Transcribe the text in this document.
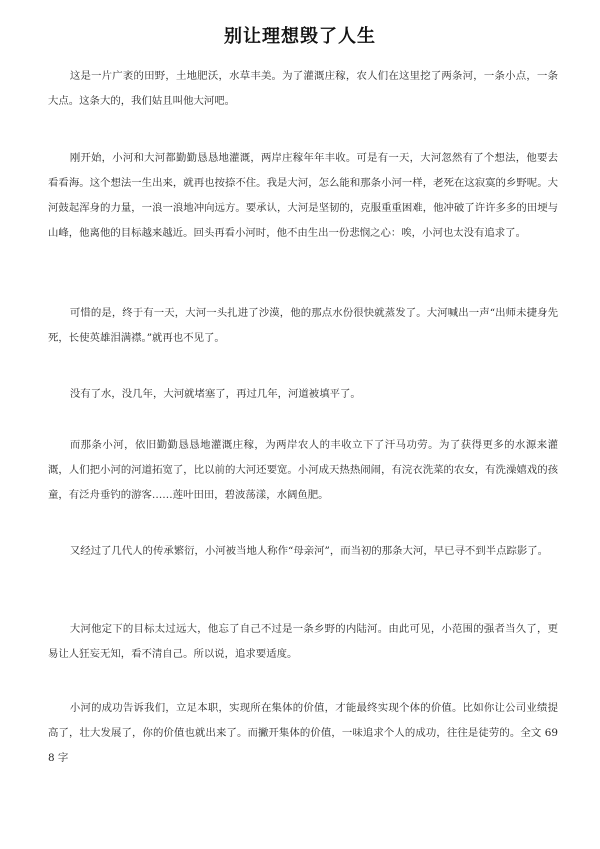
别让理想毁了人生

这是一片广袤的田野，土地肥沃，水草丰美。为了灌溉庄稼，农人们在这里挖了两条河，一条小点，一条大点。这条大的，我们姑且叫他大河吧。

刚开始，小河和大河都勤勤恳恳地灌溉，两岸庄稼年年丰收。可是有一天，大河忽然有了个想法，他要去看看海。这个想法一生出来，就再也按捺不住。我是大河，怎么能和那条小河一样，老死在这寂寞的乡野呢。大河鼓起浑身的力量，一浪一浪地冲向远方。要承认，大河是坚韧的，克服重重困难，他冲破了许许多多的田埂与山峰，他离他的目标越来越近。回头再看小河时，他不由生出一份悲悯之心：唉，小河也太没有追求了。

可惜的是，终于有一天，大河一头扎进了沙漠，他的那点水份很快就蒸发了。大河喊出一声“出师未捷身先死，长使英雄泪满襟。”就再也不见了。

没有了水，没几年，大河就堵塞了，再过几年，河道被填平了。

而那条小河，依旧勤勤恳恳地灌溉庄稼，为两岸农人的丰收立下了汗马功劳。为了获得更多的水源来灌溉，人们把小河的河道拓宽了，比以前的大河还要宽。小河成天热热闹闹，有浣衣洗菜的农女，有洗澡嬉戏的孩童，有泛舟垂钓的游客……莲叶田田，碧波荡漾，水阔鱼肥。

又经过了几代人的传承繁衍，小河被当地人称作“母亲河”，而当初的那条大河，早已寻不到半点踪影了。

大河他定下的目标太过远大，他忘了自己不过是一条乡野的内陆河。由此可见，小范围的强者当久了，更易让人狂妄无知，看不清自己。所以说，追求要适度。

小河的成功告诉我们，立足本职，实现所在集体的价值，才能最终实现个体的价值。比如你让公司业绩提高了，壮大发展了，你的价值也就出来了。而撇开集体的价值，一味追求个人的成功，往往是徒劳的。全文 698 字
